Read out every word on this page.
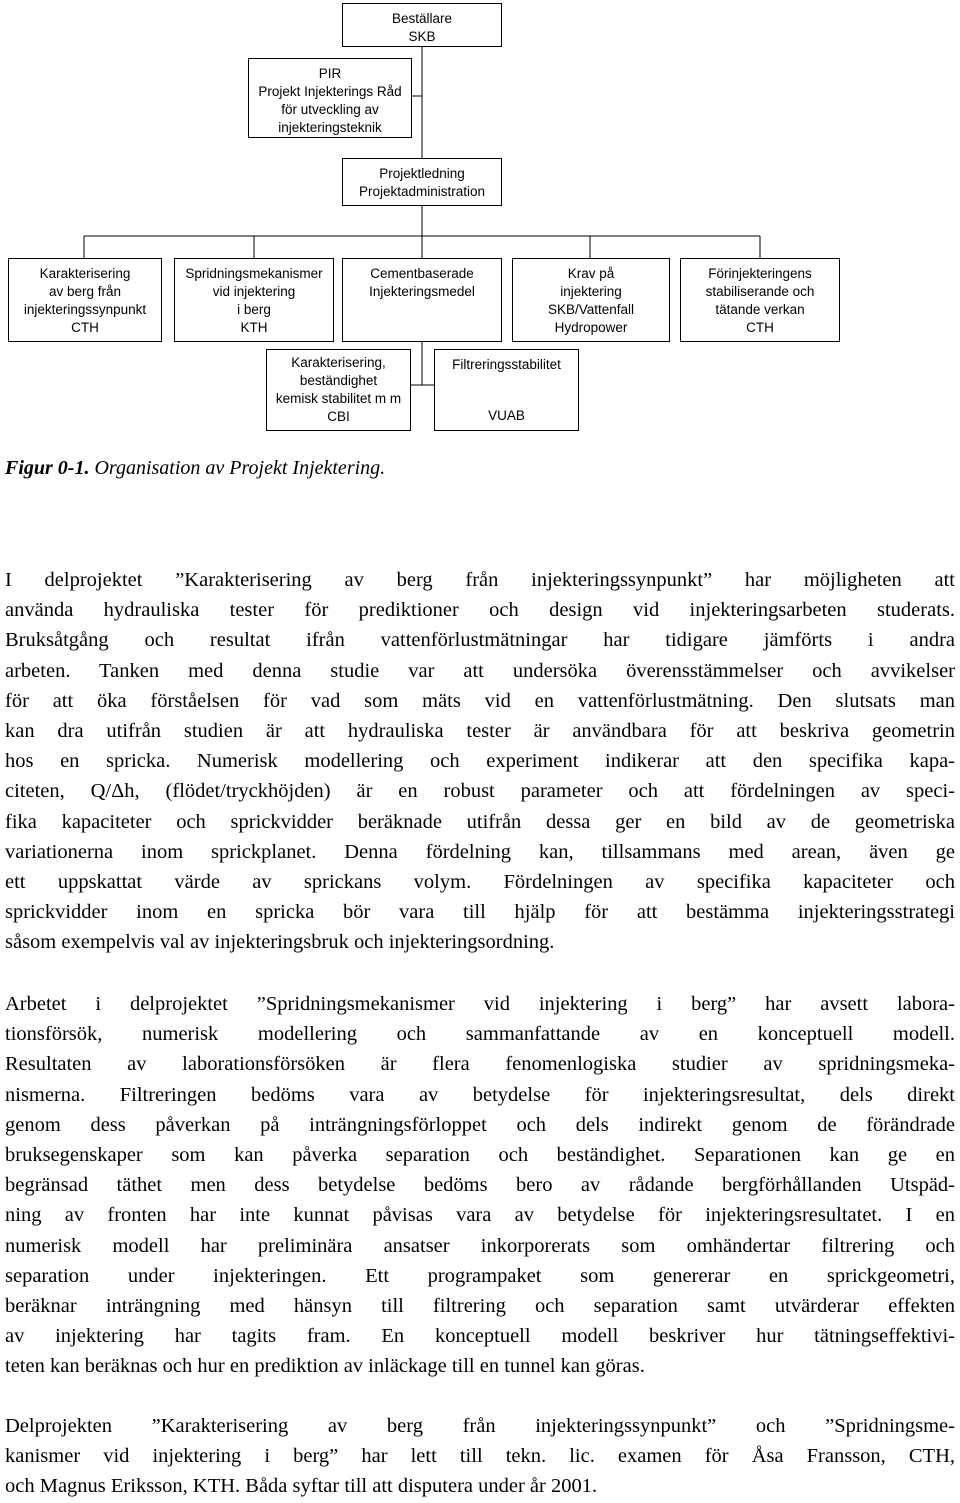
Beställare
SKB
PIR
Projekt Injekterings Råd
för utveckling av
injekteringsteknik
Projektledning
Projektadministration
Karakterisering
av berg från
injekteringssynpunkt
CTH
Spridningsmekanismer
vid injektering
i berg
KTH
Cementbaserade
Injekteringsmedel
Krav på
injektering
SKB/Vattenfall
Hydropower
Förinjekteringens
stabiliserande och
tätande verkan
CTH
Karakterisering,
beständighet
kemisk stabilitet m m
CBI
Filtreringsstabilitet
VUAB
Figur 0-1. Organisation av Projekt Injektering.
I delprojektet ”Karakterisering av berg från injekteringssynpunkt” har möjligheten att
använda hydrauliska tester för prediktioner och design vid injekteringsarbeten studerats.
Bruksåtgång och resultat ifrån vattenförlustmätningar har tidigare jämförts i andra
arbeten. Tanken med denna studie var att undersöka överensstämmelser och avvikelser
för att öka förståelsen för vad som mäts vid en vattenförlustmätning. Den slutsats man
kan dra utifrån studien är att hydrauliska tester är användbara för att beskriva geometrin
hos en spricka. Numerisk modellering och experiment indikerar att den specifika kapa-
citeten, Q/Δh, (flödet/tryckhöjden) är en robust parameter och att fördelningen av speci-
fika kapaciteter och sprickvidder beräknade utifrån dessa ger en bild av de geometriska
variationerna inom sprickplanet. Denna fördelning kan, tillsammans med arean, även ge
ett uppskattat värde av sprickans volym. Fördelningen av specifika kapaciteter och
sprickvidder inom en spricka bör vara till hjälp för att bestämma injekteringsstrategi
såsom exempelvis val av injekteringsbruk och injekteringsordning.
Arbetet i delprojektet ”Spridningsmekanismer vid injektering i berg” har avsett labora-
tionsförsök, numerisk modellering och sammanfattande av en konceptuell modell.
Resultaten av laborationsförsöken är flera fenomenlogiska studier av spridningsmeka-
nismerna. Filtreringen bedöms vara av betydelse för injekteringsresultat, dels direkt
genom dess påverkan på inträngningsförloppet och dels indirekt genom de förändrade
bruksegenskaper som kan påverka separation och beständighet. Separationen kan ge en
begränsad täthet men dess betydelse bedöms bero av rådande bergförhållanden Utspäd-
ning av fronten har inte kunnat påvisas vara av betydelse för injekteringsresultatet. I en
numerisk modell har preliminära ansatser inkorporerats som omhändertar filtrering och
separation under injekteringen. Ett programpaket som genererar en sprickgeometri,
beräknar inträngning med hänsyn till filtrering och separation samt utvärderar effekten
av injektering har tagits fram. En konceptuell modell beskriver hur tätningseffektivi-
teten kan beräknas och hur en prediktion av inläckage till en tunnel kan göras.
Delprojekten ”Karakterisering av berg från injekteringssynpunkt” och ”Spridningsme-
kanismer vid injektering i berg” har lett till tekn. lic. examen för Åsa Fransson, CTH,
och Magnus Eriksson, KTH. Båda syftar till att disputera under år 2001.
